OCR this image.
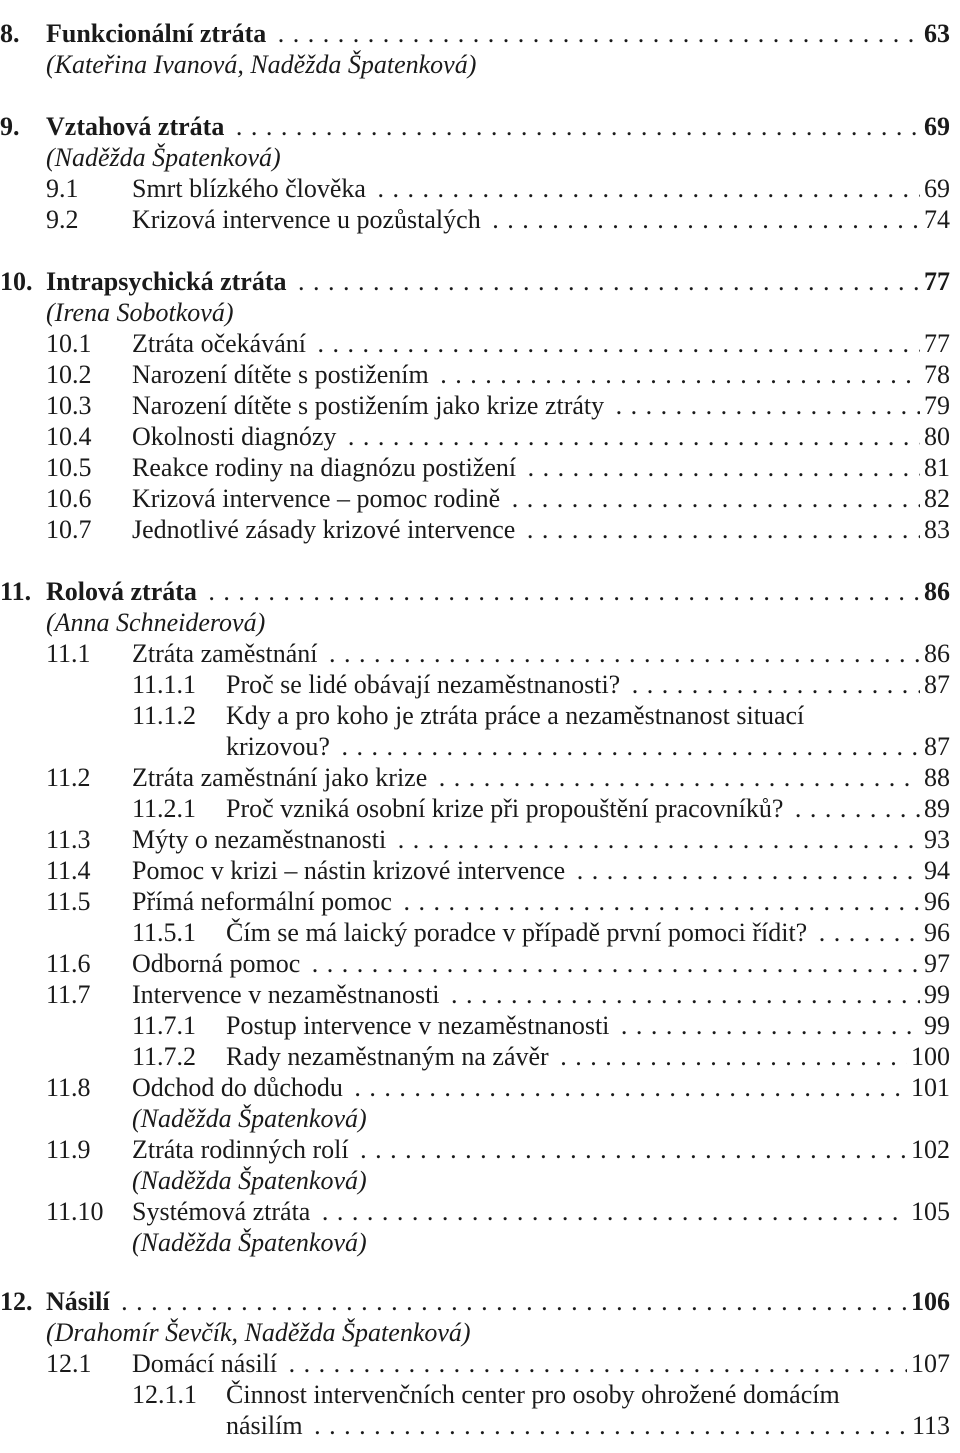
8. Funkcionální ztráta . . .	63
(Kateřina Ivanová, Naděžda Špatenková)
9. Vztahová ztráta . . .	69
(Naděžda Špatenková)
9.1 Smrt blízkého člověka . . .	69
9.2 Krizová intervence u pozůstalých . . .	74
10. Intrapsychická ztráta . . .	77
(Irena Sobotková)
10.1 Ztráta očekávání . . .	77
10.2 Narození dítěte s postižením . . .	78
10.3 Narození dítěte s postižením jako krize ztráty . . .	79
10.4 Okolnosti diagnózy . . .	80
10.5 Reakce rodiny na diagnózu postižení . . .	81
10.6 Krizová intervence – pomoc rodině . . .	82
10.7 Jednotlivé zásady krizové intervence . . .	83
11. Rolová ztráta . . .	86
(Anna Schneiderová)
11.1 Ztráta zaměstnání . . .	86
11.1.1 Proč se lidé obávají nezaměstnanosti? . . .	87
11.1.2 Kdy a pro koho je ztráta práce a nezaměstnanost situací
krizovou? . . .	87
11.2 Ztráta zaměstnání jako krize . . .	88
11.2.1 Proč vzniká osobní krize při propouštění pracovníků? . . .	89
11.3 Mýty o nezaměstnanosti . . .	93
11.4 Pomoc v krizi – nástin krizové intervence . . .	94
11.5 Přímá neformální pomoc . . .	96
11.5.1 Čím se má laický poradce v případě první pomoci řídit? . . .	96
11.6 Odborná pomoc . . .	97
11.7 Intervence v nezaměstnanosti . . .	99
11.7.1 Postup intervence v nezaměstnanosti . . .	99
11.7.2 Rady nezaměstnaným na závěr . . .	100
11.8 Odchod do důchodu . . .	101
(Naděžda Špatenková)
11.9 Ztráta rodinných rolí . . .	102
(Naděžda Špatenková)
11.10 Systémová ztráta . . .	105
(Naděžda Špatenková)
12. Násilí . . .	106
(Drahomír Ševčík, Naděžda Špatenková)
12.1 Domácí násilí . . .	107
12.1.1 Činnost intervenčních center pro osoby ohrožené domácím
násilím . . .	113
